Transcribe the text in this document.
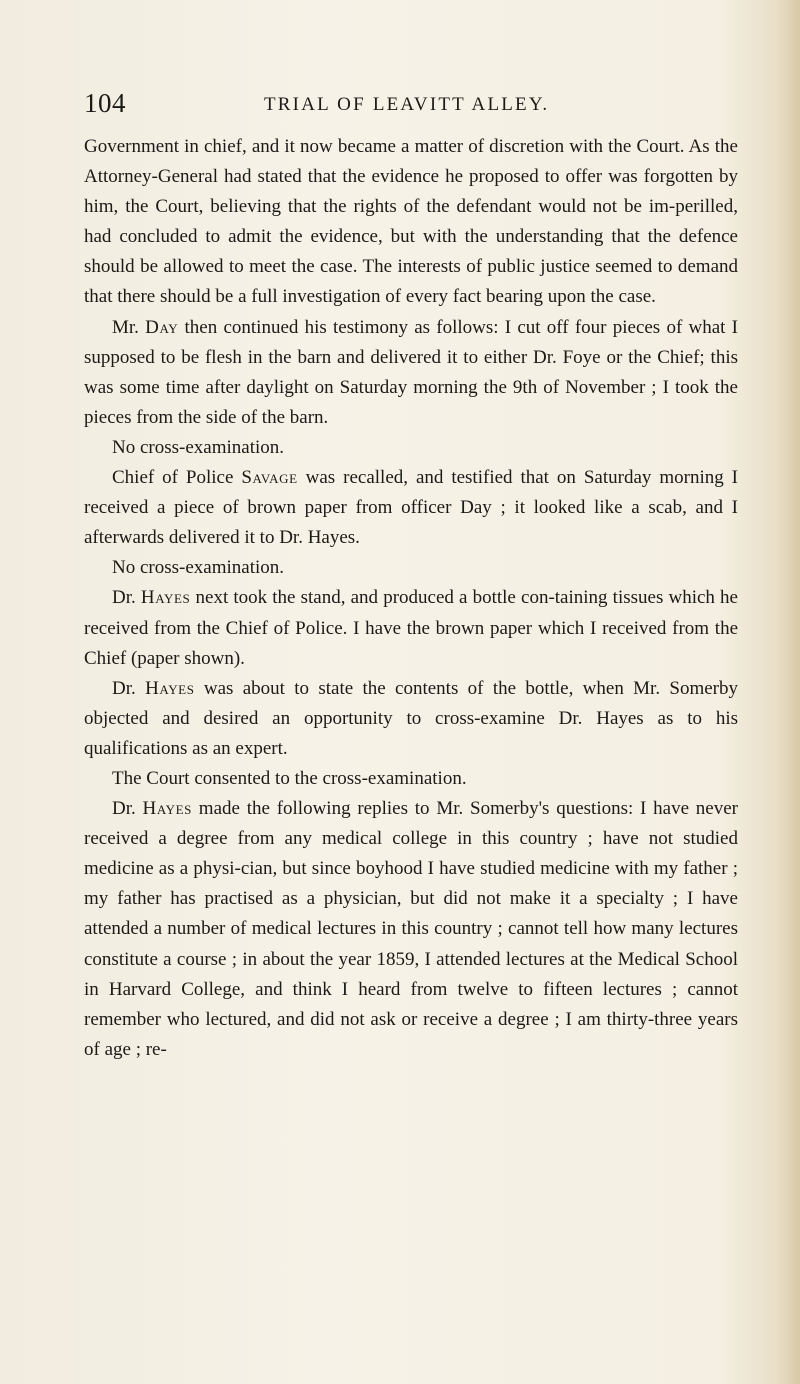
104	TRIAL OF LEAVITT ALLEY.

Government in chief, and it now became a matter of discretion with the Court. As the Attorney-General had stated that the evidence he proposed to offer was forgotten by him, the Court, believing that the rights of the defendant would not be im-perilled, had concluded to admit the evidence, but with the understanding that the defence should be allowed to meet the case. The interests of public justice seemed to demand that there should be a full investigation of every fact bearing upon the case.

Mr. Day then continued his testimony as follows: I cut off four pieces of what I supposed to be flesh in the barn and delivered it to either Dr. Foye or the Chief; this was some time after daylight on Saturday morning the 9th of November ; I took the pieces from the side of the barn.

No cross-examination.

Chief of Police Savage was recalled, and testified that on Saturday morning I received a piece of brown paper from officer Day ; it looked like a scab, and I afterwards delivered it to Dr. Hayes.

No cross-examination.

Dr. Hayes next took the stand, and produced a bottle con-taining tissues which he received from the Chief of Police. I have the brown paper which I received from the Chief (paper shown).

Dr. Hayes was about to state the contents of the bottle, when Mr. Somerby objected and desired an opportunity to cross-examine Dr. Hayes as to his qualifications as an expert.

The Court consented to the cross-examination.

Dr. Hayes made the following replies to Mr. Somerby's questions: I have never received a degree from any medical college in this country ; have not studied medicine as a physi-cian, but since boyhood I have studied medicine with my father ; my father has practised as a physician, but did not make it a specialty ; I have attended a number of medical lectures in this country ; cannot tell how many lectures constitute a course ; in about the year 1859, I attended lectures at the Medical School in Harvard College, and think I heard from twelve to fifteen lectures ; cannot remember who lectured, and did not ask or receive a degree ; I am thirty-three years of age ; re-
